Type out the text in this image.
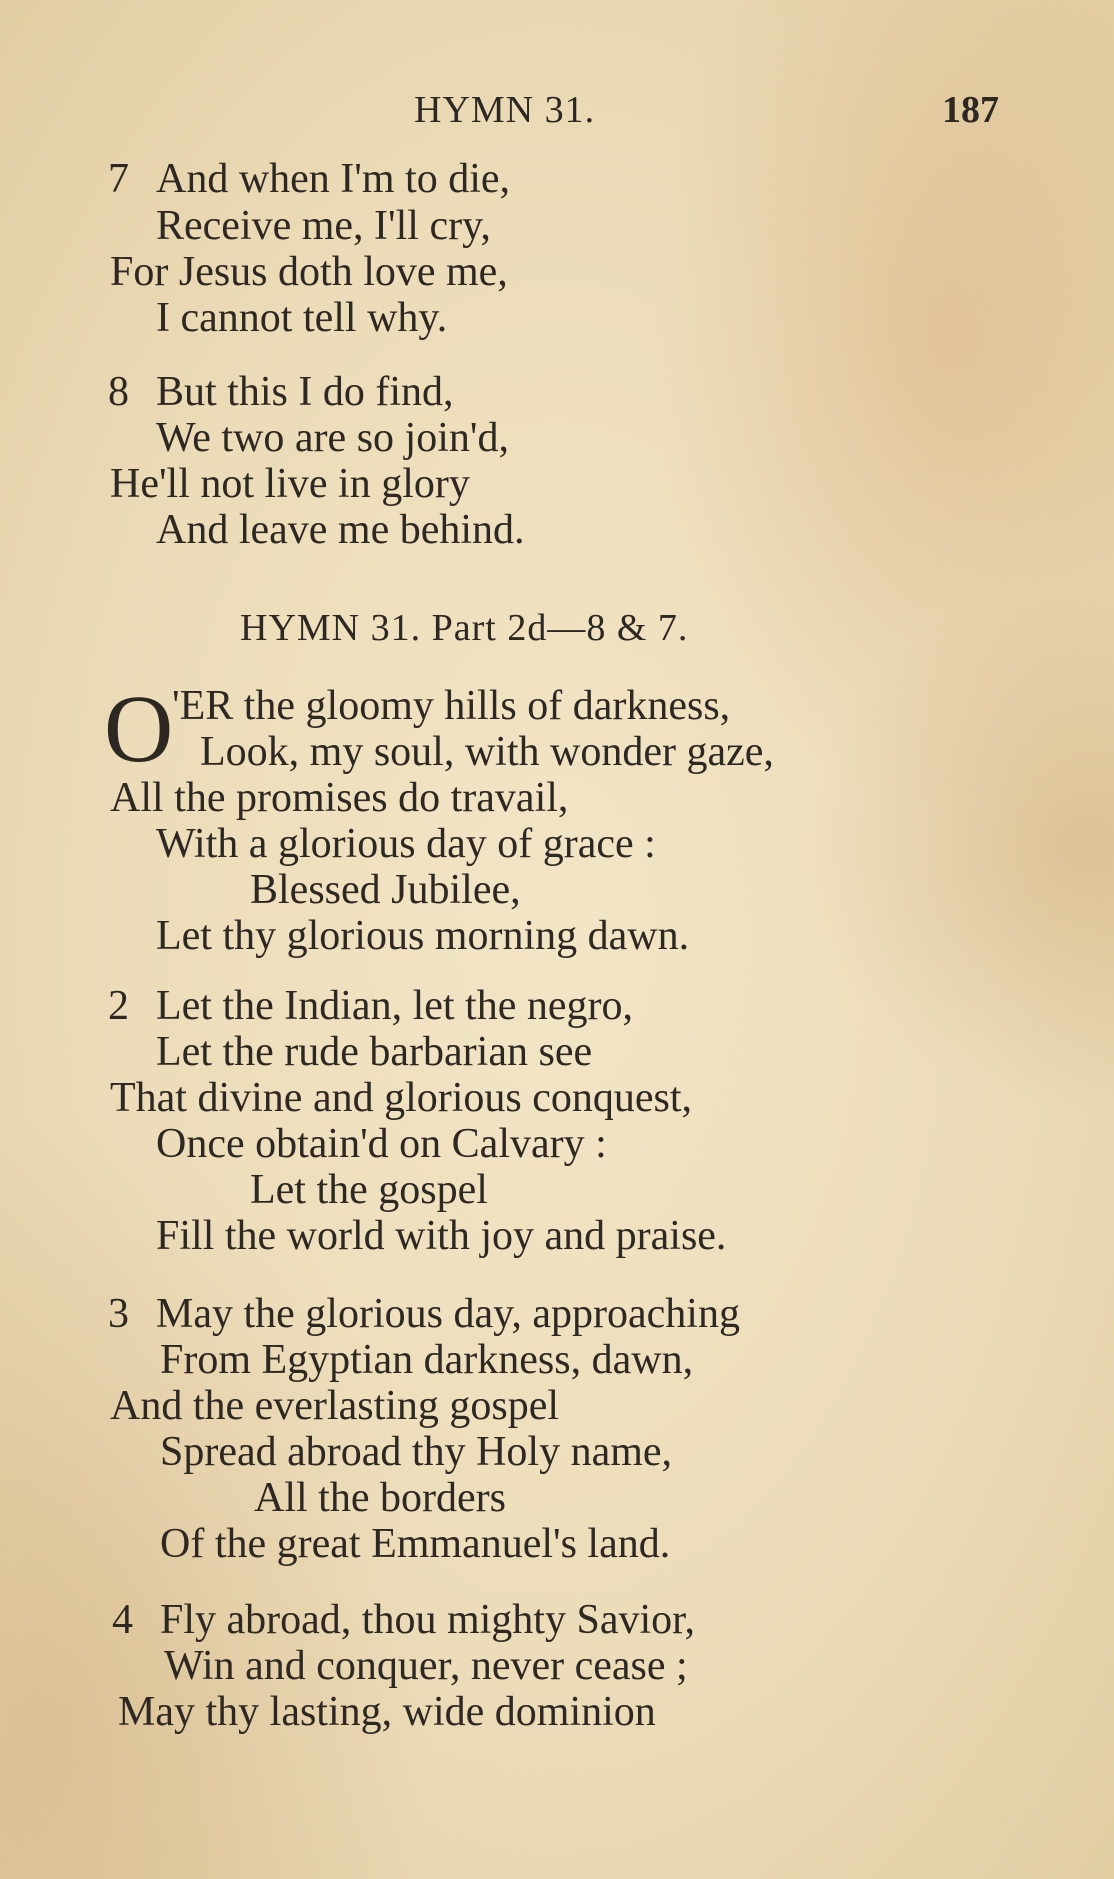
HYMN 31.	187
7 And when I'm to die,
Receive me, I'll cry,
For Jesus doth love me,
I cannot tell why.
8 But this I do find,
We two are so join'd,
He'll not live in glory
And leave me behind.
HYMN 31. Part 2d—8 & 7.
O
'ER the gloomy hills of darkness,
Look, my soul, with wonder gaze,
All the promises do travail,
With a glorious day of grace :
Blessed Jubilee,
Let thy glorious morning dawn.
2 Let the Indian, let the negro,
Let the rude barbarian see
That divine and glorious conquest,
Once obtain'd on Calvary :
Let the gospel
Fill the world with joy and praise.
3 May the glorious day, approaching
From Egyptian darkness, dawn,
And the everlasting gospel
Spread abroad thy Holy name,
All the borders
Of the great Emmanuel's land.
4 Fly abroad, thou mighty Savior,
Win and conquer, never cease ;
May thy lasting, wide dominion
